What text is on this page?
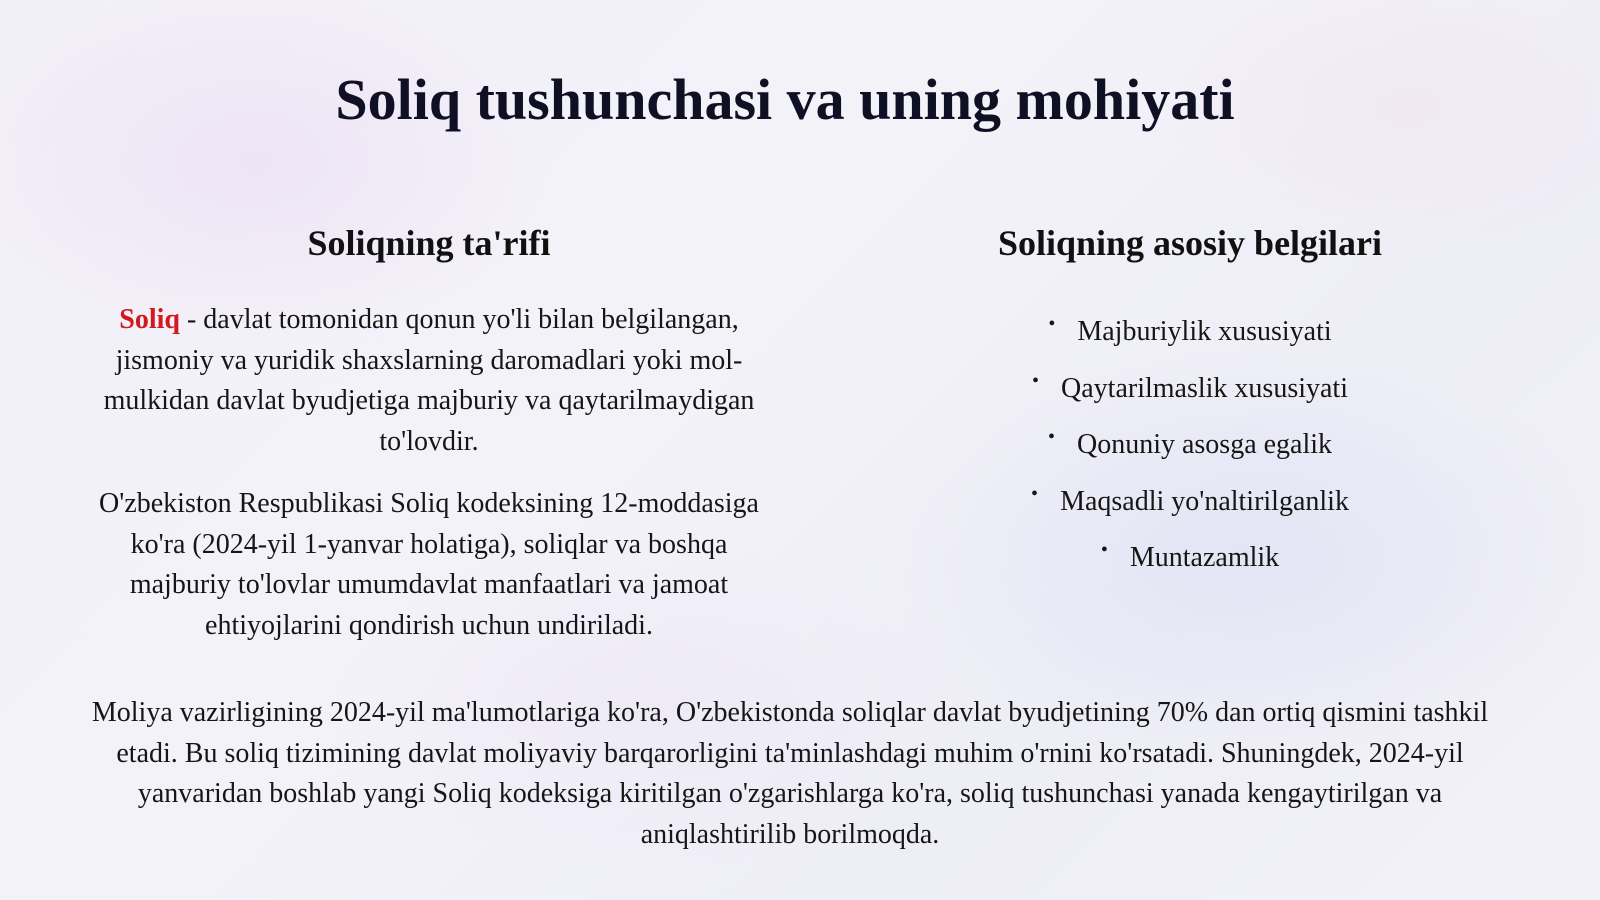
Soliq tushunchasi va uning mohiyati
Soliqning ta'rifi

Soliq - davlat tomonidan qonun yo'li bilan belgilangan, jismoniy va yuridik shaxslarning daromadlari yoki mol-mulkidan davlat byudjetiga majburiy va qaytarilmaydigan to'lovdir.

O'zbekiston Respublikasi Soliq kodeksining 12-moddasiga ko'ra (2024-yil 1-yanvar holatiga), soliqlar va boshqa majburiy to'lovlar umumdavlat manfaatlari va jamoat ehtiyojlarini qondirish uchun undiriladi.

Soliqning asosiy belgilari
• Majburiylik xususiyati
• Qaytarilmaslik xususiyati
• Qonuniy asosga egalik
• Maqsadli yo'naltirilganlik
• Muntazamlik

Moliya vazirligining 2024-yil ma'lumotlariga ko'ra, O'zbekistonda soliqlar davlat byudjetining 70% dan ortiq qismini tashkil etadi. Bu soliq tizimining davlat moliyaviy barqarorligini ta'minlashdagi muhim o'rnini ko'rsatadi. Shuningdek, 2024-yil yanvaridan boshlab yangi Soliq kodeksiga kiritilgan o'zgarishlarga ko'ra, soliq tushunchasi yanada kengaytirilgan va aniqlashtirilib borilmoqda.
